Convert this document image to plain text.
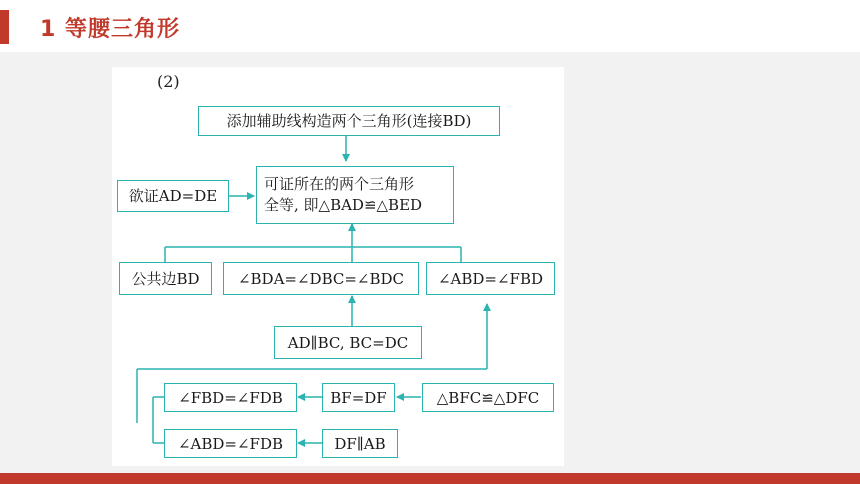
1 等腰三角形
(2)
添加辅助线构造两个三角形(连接BD)
欲证AD=DE
可证所在的两个三角形
全等, 即△BAD≌△BED
公共边BD	∠BDA=∠DBC=∠BDC	∠ABD=∠FBD
AD∥BC, BC=DC
∠FBD=∠FDB	BF=DF	△BFC≌△DFC
∠ABD=∠FDB	DF∥AB
